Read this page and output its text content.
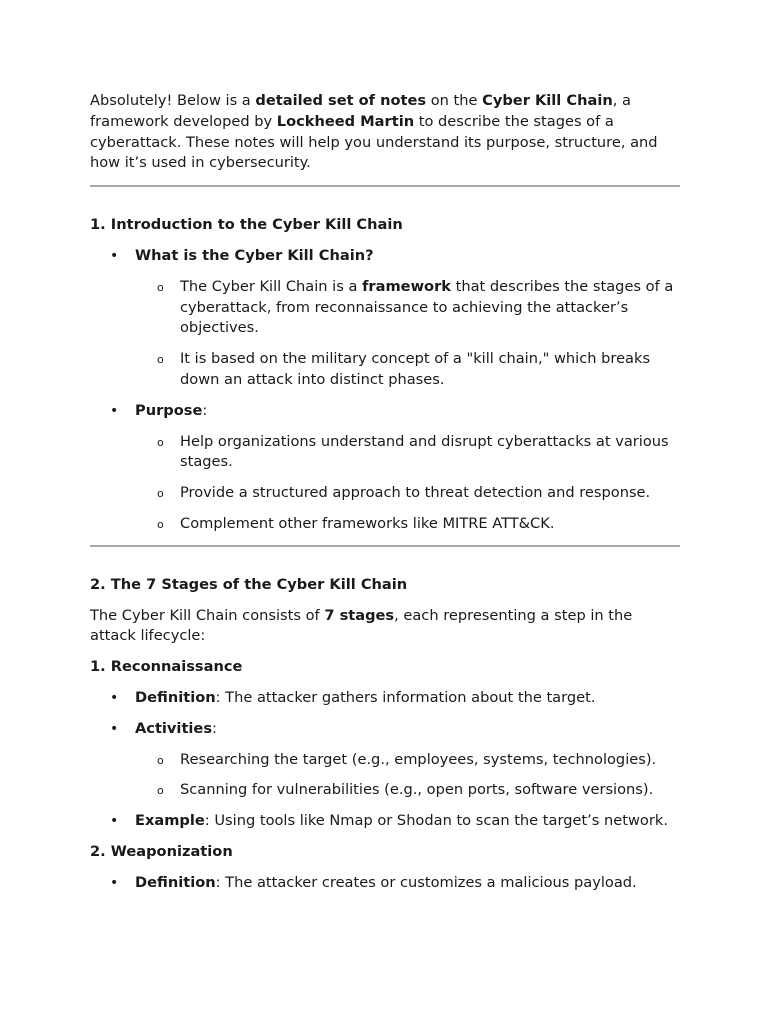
Absolutely! Below is a detailed set of notes on the Cyber Kill Chain, a framework developed by Lockheed Martin to describe the stages of a cyberattack. These notes will help you understand its purpose, structure, and how it’s used in cybersecurity.

1. Introduction to the Cyber Kill Chain

• What is the Cyber Kill Chain?
o The Cyber Kill Chain is a framework that describes the stages of a cyberattack, from reconnaissance to achieving the attacker’s objectives.
o It is based on the military concept of a "kill chain," which breaks down an attack into distinct phases.
• Purpose:
o Help organizations understand and disrupt cyberattacks at various stages.
o Provide a structured approach to threat detection and response.
o Complement other frameworks like MITRE ATT&CK.

2. The 7 Stages of the Cyber Kill Chain

The Cyber Kill Chain consists of 7 stages, each representing a step in the attack lifecycle:

1. Reconnaissance

• Definition: The attacker gathers information about the target.
• Activities:
o Researching the target (e.g., employees, systems, technologies).
o Scanning for vulnerabilities (e.g., open ports, software versions).
• Example: Using tools like Nmap or Shodan to scan the target’s network.

2. Weaponization

• Definition: The attacker creates or customizes a malicious payload.
